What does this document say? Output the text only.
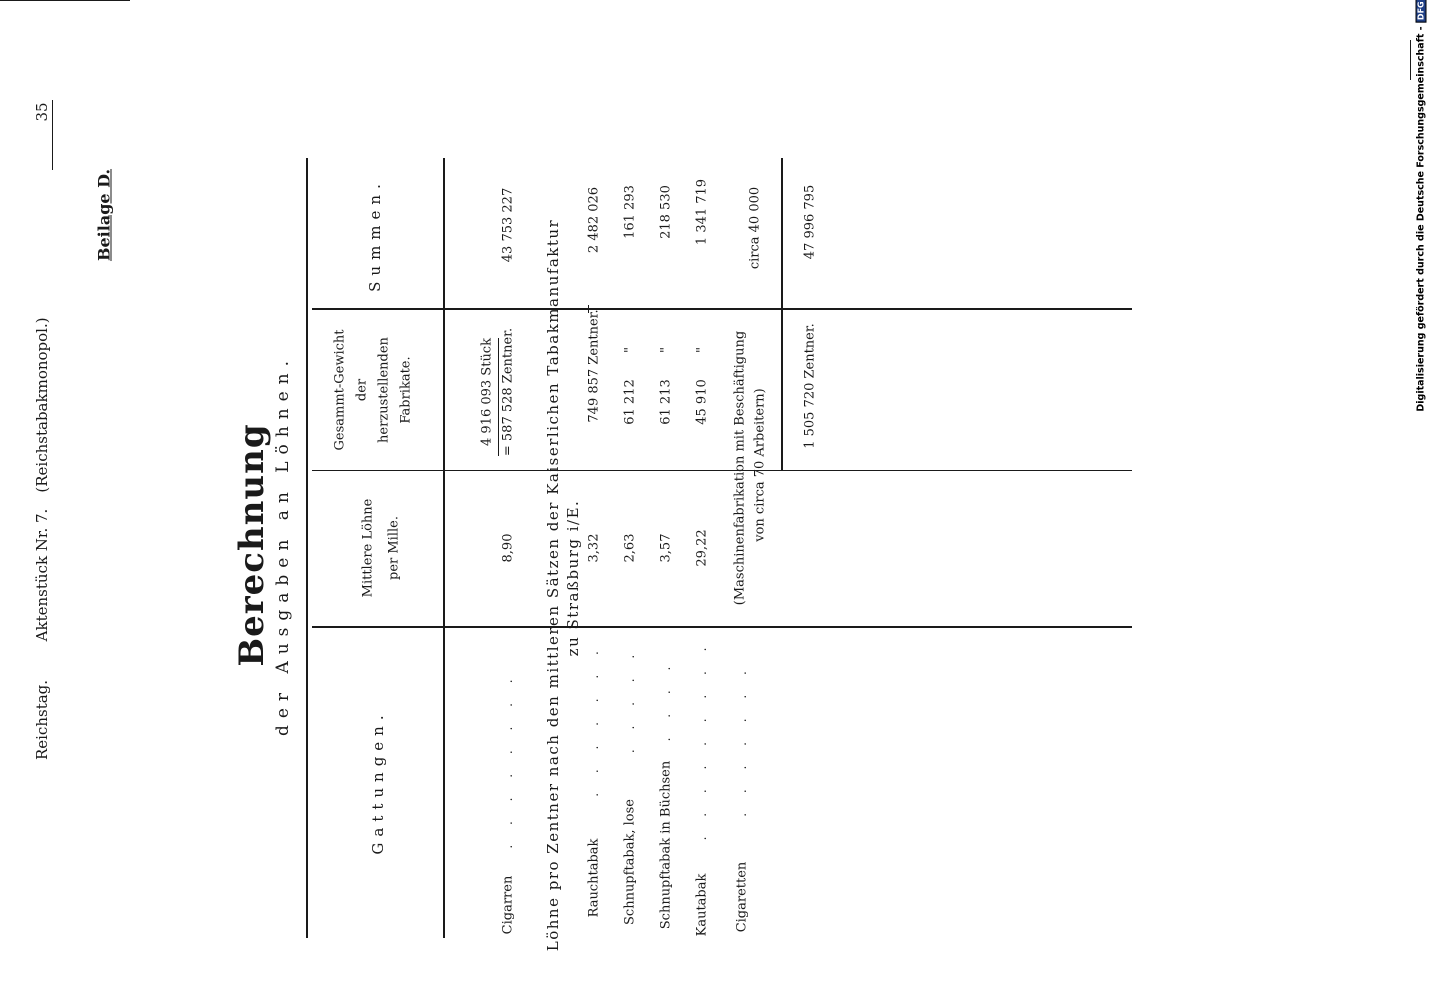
Reichstag.
Aktenstück Nr. 7.
(Reichstabakmonopol.)
35
Beilage D.
Berechnung der Ausgaben an Löhnen.
Gattungen.
Mittlere Löhne per Mille.
Gesammt-Gewicht der herzustellenden Fabrikate.
Summen.
Cigarren
. . . . . . . .
8,90
4 916 093 Stück = 587 528 Zentner.
43 753 227 Löhne pro Zentner nach den mittleren Sätzen der Kaiserlichen Tabakmanufaktur zu Straßburg i/E.
Rauchtabak
. . . . . . .
3,32
749 857 Zentner.
2 482 026
Schnupftabak, lose
. . . . .
2,63
61 212
"
161 293
Schnupftabak in Büchsen
. . . .
3,57
61 213
"
218 530
Kautabak
. . . . . . . . .
29,22
45 910
"
1 341 719
Cigaretten
. . . . . . .
(Maschinenfabrikation mit Beschäftigung von circa 70 Arbeitern)
circa 40 000
1 505 720 Zentner.
47 996 795	Digitalisierung gefördert durch die Deutsche Forschungsgemeinschaft - DFG
